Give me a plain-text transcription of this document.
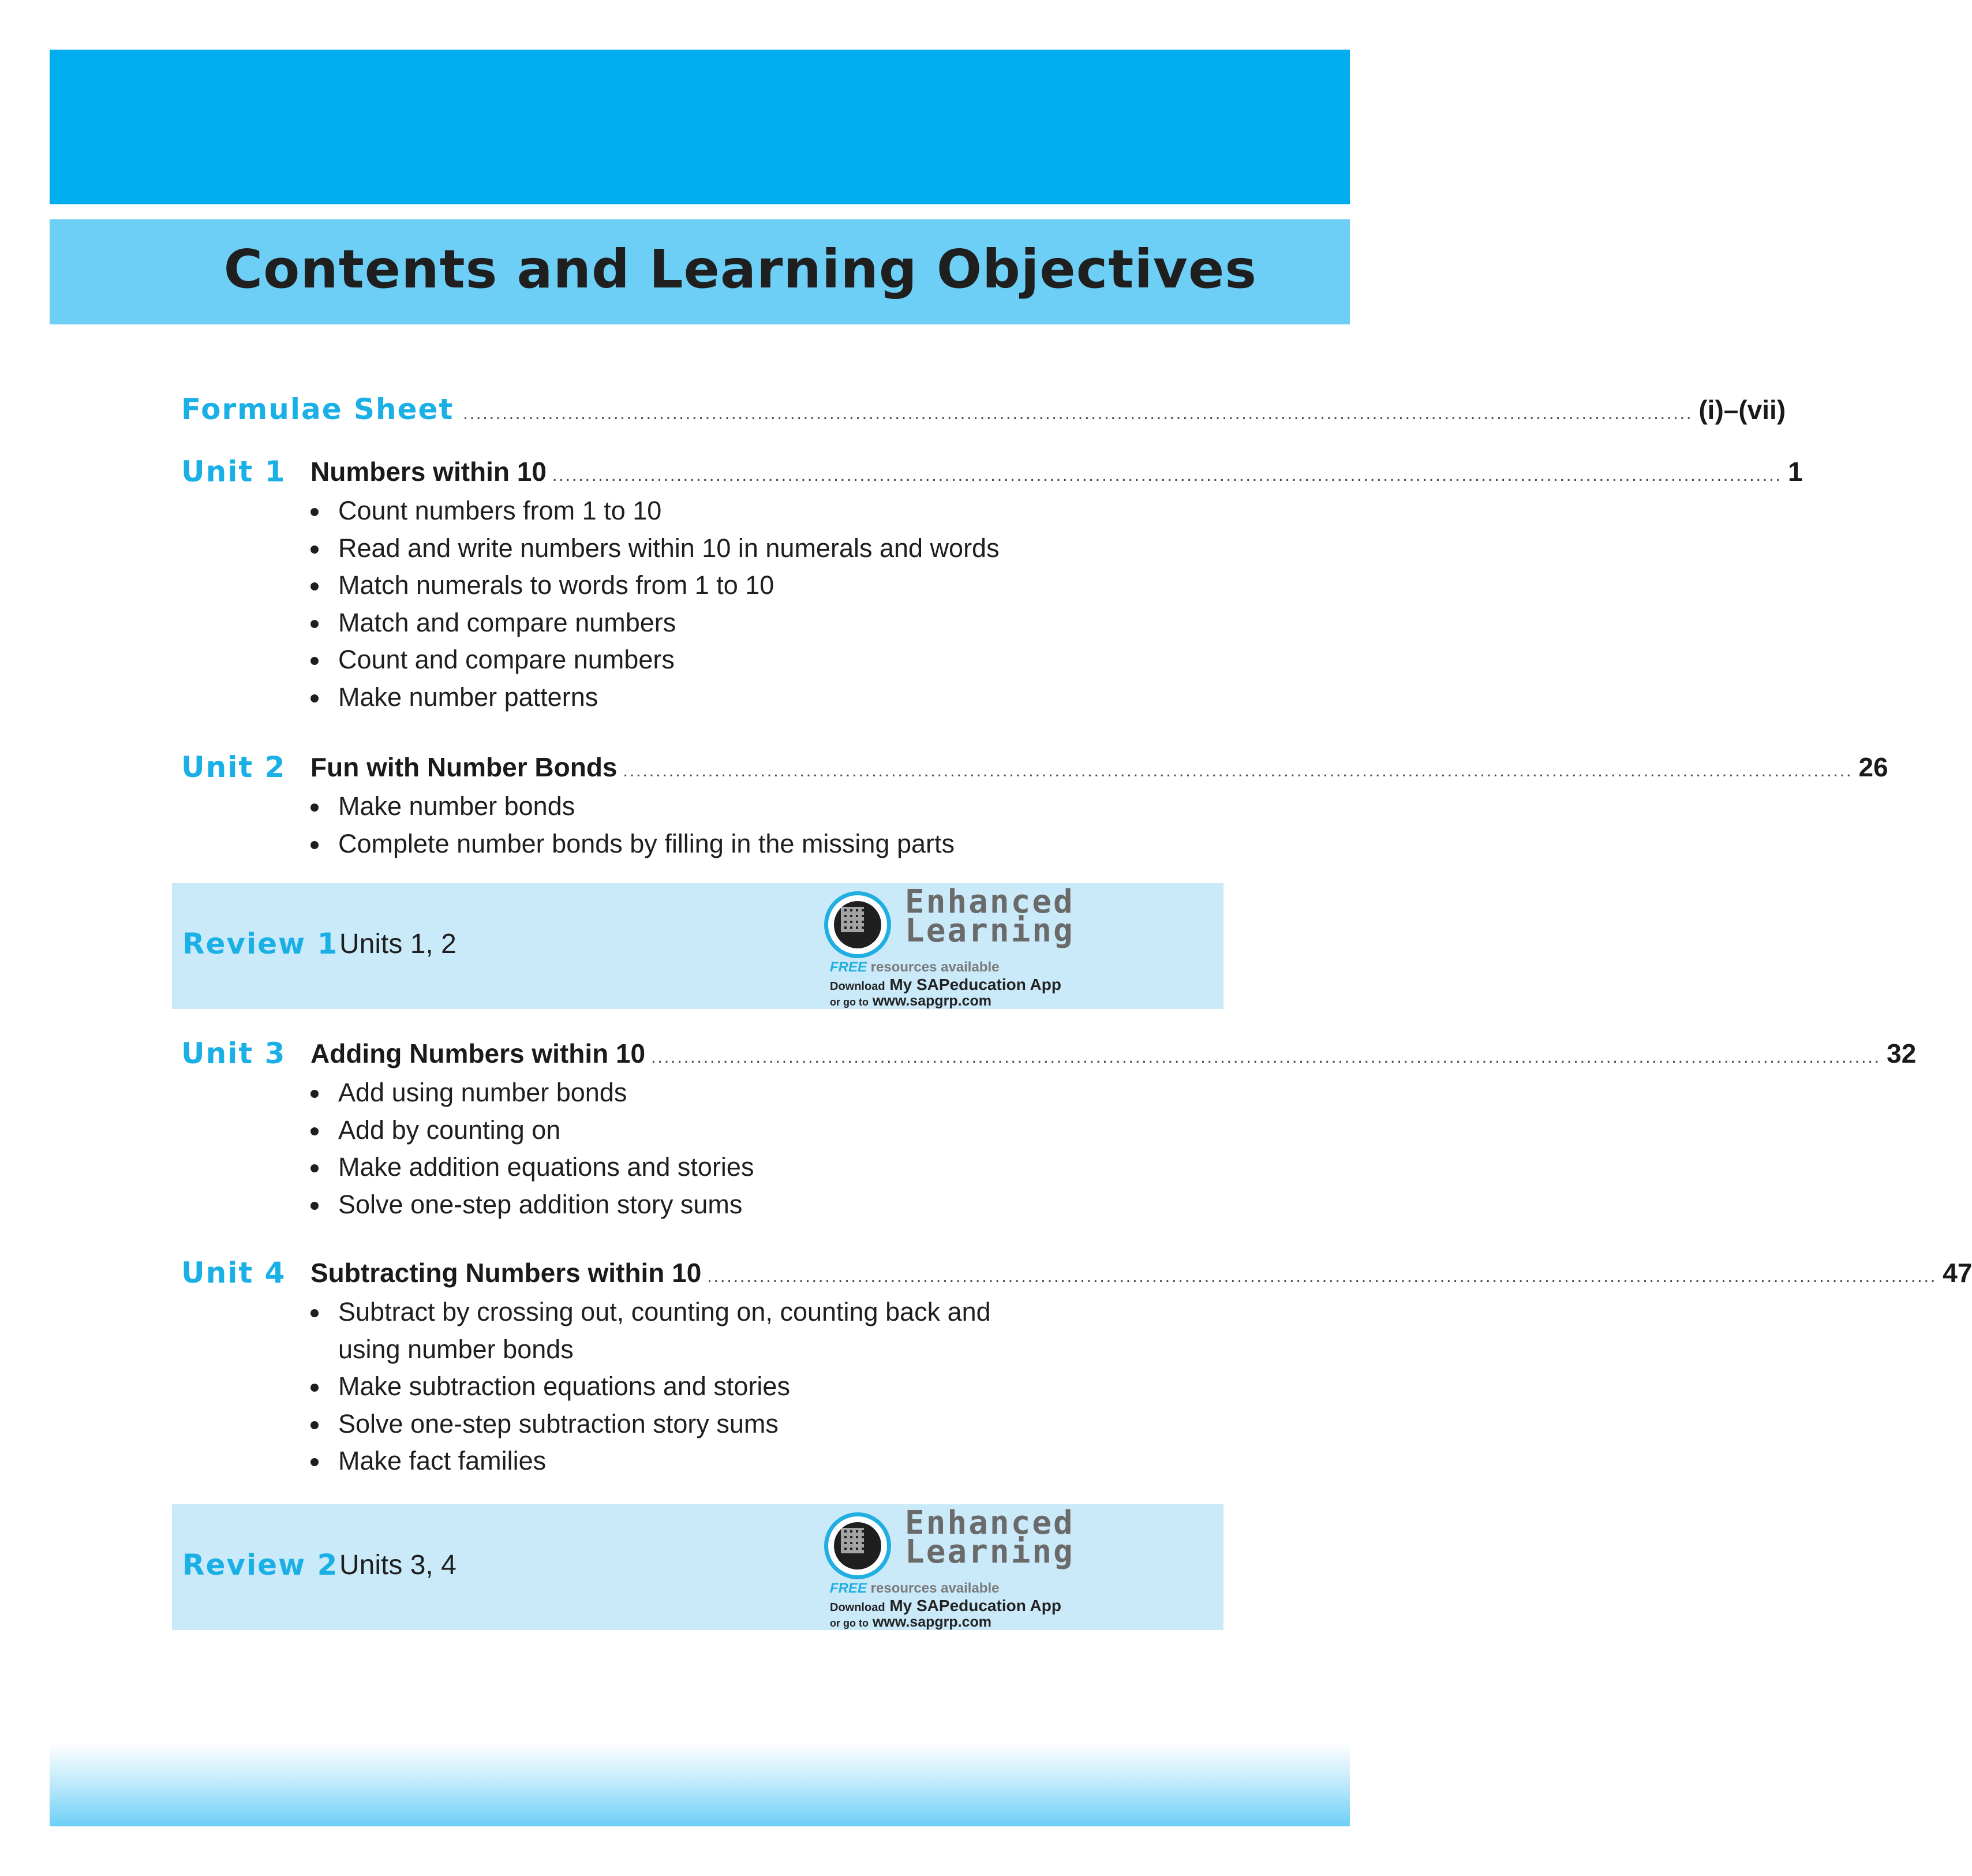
Contents and Learning Objectives
Formulae Sheet ............................................................................................................................................................................................ (i)–(vii)
Unit 1 Numbers within 10 ............................................................................................................................................................................................ 1
Count numbers from 1 to 10
Read and write numbers within 10 in numerals and words
Match numerals to words from 1 to 10
Match and compare numbers
Count and compare numbers
Make number patterns
Unit 2 Fun with Number Bonds ............................................................................................................................................................................................ 26
Make number bonds
Complete number bonds by filling in the missing parts
Review 1 Units 1, 2
Enhanced
Learning
FREE resources available
Download My SAPeducation App
or go to www.sapgrp.com
Unit 3 Adding Numbers within 10 ............................................................................................................................................................................................ 32
Add using number bonds
Add by counting on
Make addition equations and stories
Solve one-step addition story sums
Unit 4 Subtracting Numbers within 10 ............................................................................................................................................................................................ 47
Subtract by crossing out, counting on, counting back and
using number bonds
Make subtraction equations and stories
Solve one-step subtraction story sums
Make fact families
Review 2 Units 3, 4
Enhanced
Learning
FREE resources available
Download My SAPeducation App
or go to www.sapgrp.com
